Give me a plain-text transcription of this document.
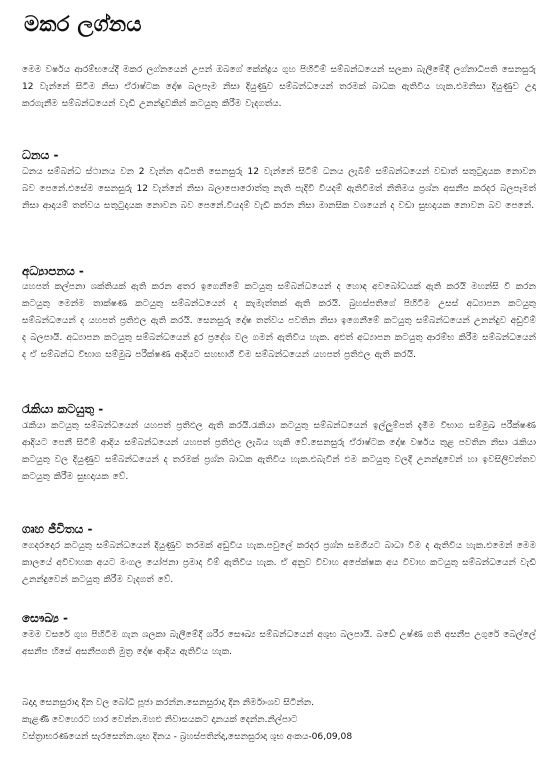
මකර ලග්නය
මෙම වර්ෂය ආරම්භයේදී මකර ලග්නයෙන් උපන් ඔබගේ කේන්ද්‍රය ගුහ පිහිටීම් සම්බන්ධයෙන් සලකා බැලීමේදී ලග්නාධිපති සෙනසුරු 12 වැන්නේ සිටීම නිසා ඒරාෂ්ටක දෝෂ බලපෑම නිසා දියුණුව සම්බන්ධයෙන් තරමක් බාධක ඇතිවිය හැක.එමනිසා දියුණුව උදා කරගැනීම සම්බන්ධයෙන් වැඩි උනන්දුවකින් කටයුතු කිරීම වැදගත්ය.
ධනය -
ධනය සම්බන්ධ ස්ථානය වන 2 වැන්න අධිපති සෙනසුරු 12 වැන්නේ සිටීම් ධනය ලැබීම් සම්බන්ධයෙන් වඩාත් සතුටුදායක නොවන බව පෙනේ.එසේම සෙනසුරු 12 වැන්නේ නිසා බලාපොරොත්තු නැති පැදිවි වියදම් ඇතිවීමත් නිතිමය ප්‍රශ්න අසනීප කරදර බලපෑමත් නිසා ආදායම් තත්වය සතුටුදායක නොවන බව පෙනේ.වියදම් වැඩි කරන නිසා මානසික වශයෙන් ද වඩා සුභදායක නොවන බව පෙනේ.
අධ්‍යාපනය -
යහපත් කල්පනා ශක්තියක් ඇති කරන අතර ඉගෙනීමේ කටයුතු සම්බන්ධයෙන් ද හොඳ අවබෝධයක් ඇති කරයි මහන්සි වී කරන කටයුතු මෙන්ම තාක්ෂණ කටයුතු සම්බන්ධයෙන් ද කැමැත්තක් ඇති කරයි. බුහස්පතිගේ පිහිටීම උසස් අධ්‍යාපන කටයුතු සම්බන්ධයෙන් ද යහපත් ප්‍රතිඵල ඇති කරයි. සෙනසුරු දෝෂ තත්වය පවතින නිසා ඉගෙනීමේ කටයුතු සම්බන්ධයෙන් උනන්දුව අඩුවීම් ද බලපායි. අධ්‍යාපන කටයුතු සම්බන්ධයෙන් දුර ප්‍රදේශ වල ගමන් ඇතිවිය හැක. අළුත් අධ්‍යාපන කටයුතු ආරම්භ කිරීම සම්බන්ධයෙන් ද ඒ සම්බන්ධ විභාග සම්මුඛ පරීක්ෂණ ආදියට සහභාගී වීම සම්බන්ධයෙන් යහපත් ප්‍රතිඵල ඇති කරයි.
රැකියා කටයුතු -
රැකියා කටයුතු සම්බන්ධයෙන් යහපත් ප්‍රතිඵල ඇති කරයි.රැකියා කටයුතු සම්බන්ධයෙන් ඉල්ලුම්පත් දැමීම විභාග සම්මුඛ පරීක්ෂණ ආදියට පෙනී සිටීම් ආදිය සම්බන්ධයෙන් යහපත් ප්‍රතිඵල ලැබිය හැකි වේ.සෙනසුරු ඒරාෂ්ටක දෝෂ වර්ෂය තුළ පවතින නිසා රැකියා කටයුතු වල දියුණුව සම්බන්ධයෙන් ද තරමක් ප්‍රශ්න බාධක ඇතිවිය හැක.එබැවින් එම කටයුතු වලදී උනන්දුවෙන් හා ඉවසිලිවන්තව කටයුතු කිරීම සුභදායක වේ.
ගෘහ ජීවිතය -
ගෙදරදොර කටයුතු සම්බන්ධයෙන් දියුණුව තරමක් අඩුවිය හැක.පවුලේ කරදර ප්‍රශ්න සමගියට බාධා වීම ද ඇතිවිය හැක.එමෙන් මෙම කාලයේ අවිවාහක අයට මංගල යෝජනා ප්‍රමාද වීම් ඇතිවිය හැක. ඒ අනුව විවාහ අපේක්ෂක අය විවාහ කටයුතු සම්බන්ධයෙන් වැඩි උනන්දුවෙන් කටයුතු කිරීම වැදගත් වේ.
සෞඛ්‍ය -
මෙම වසරේ ගුහ පිහිටීම ගැන ශලකා බැලීමේදී ශරීර සෞඛ්‍ය සම්බන්ධයෙන් අශුභ බලපායි. බඩේ උෂ්ණ ගති අසනීප උගුරේ බෙල්ලේ අසනීප හිසේ අසනීපගති මුත්‍ර දෝෂ ආදිය ඇතිවිය හැක.
බදාදා සෙනසුරාදා දින වල බෝධි පූජා කරන්න.සෙනසුරාදා දින නිර්මාංශව සිටින්න.
කැළණි වෙහෙරට හාර වෙන්න.මහළු නිවාසයකට දානයක් දෙන්න.නිල්පාට
වස්ත්‍රාභරණයෙන් සැරසෙන්න.ශුභ දිනය - බ්‍රහස්පතින්දා,සෙනසුරාදා ශුභ අංකය-06,09,08
